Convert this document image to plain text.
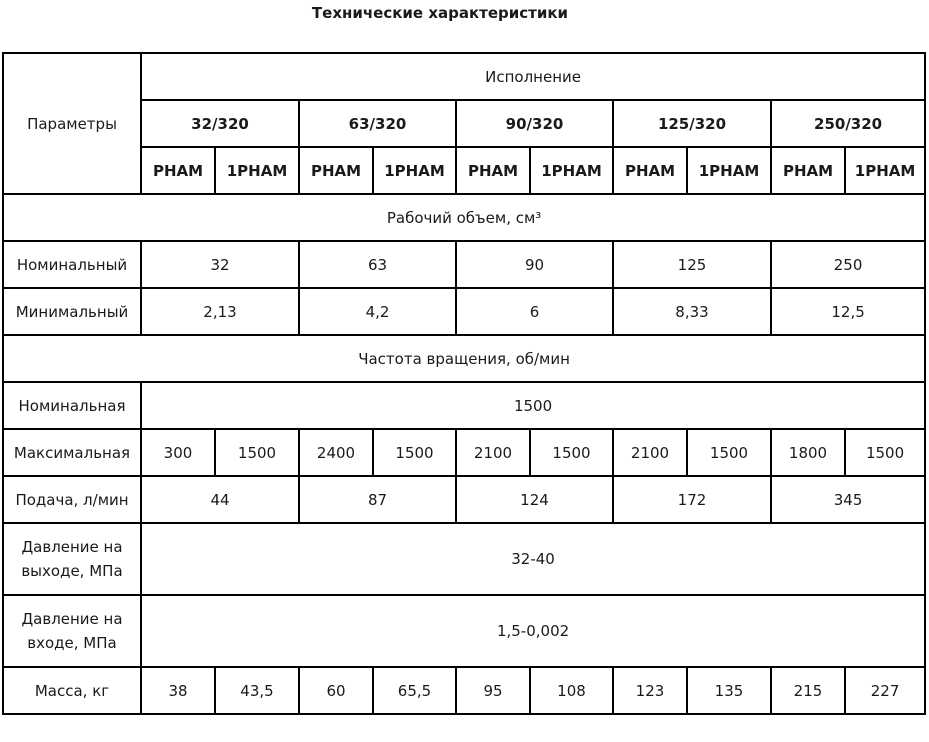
Технические характеристики
Параметры	Исполнение									
	32/320		63/320		90/320		125/320		250/320	
	РНАМ	1РНАМ	РНАМ	1РНАМ	РНАМ	1РНАМ	РНАМ	1РНАМ	РНАМ	1РНАМ
Рабочий объем, см³										
Номинальный	32		63		90		125		250	
Минимальный	2,13		4,2		6		8,33		12,5	
Частота вращения, об/мин										
Номинальная	1500									
Максимальная	300	1500	2400	1500	2100	1500	2100	1500	1800	1500
Подача, л/мин	44		87		124		172		345	
Давление на выходе, МПа	32-40									
Давление на входе, МПа	1,5-0,002									
Масса, кг	38	43,5	60	65,5	95	108	123	135	215	227
